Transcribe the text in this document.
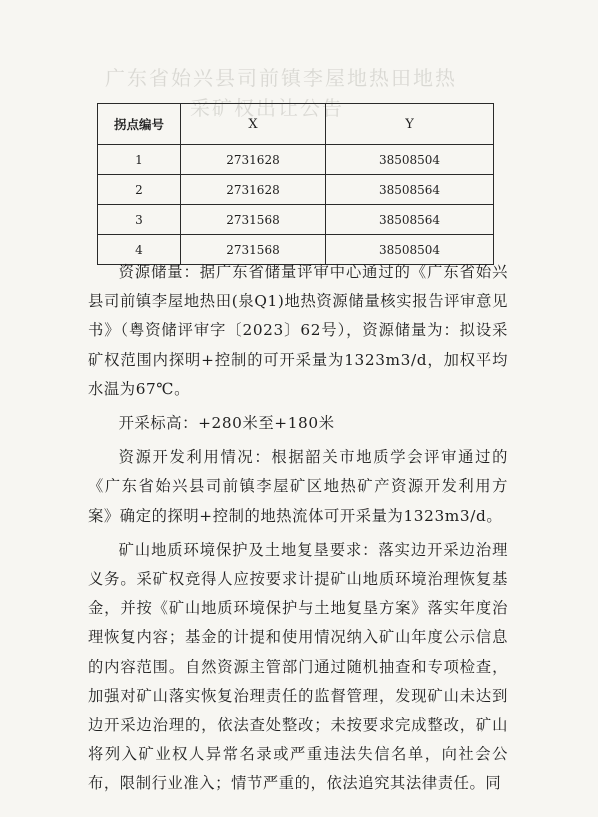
广东省始兴县司前镇李屋地热田地热
采矿权出让公告
拐点编号	X	Y
1	2731628	38508504
2	2731628	38508564
3	2731568	38508564
4	2731568	38508504

资源储量：据广东省储量评审中心通过的《广东省始兴县司前镇李屋地热田(泉Q1)地热资源储量核实报告评审意见书》（粤资储评审字〔2023〕62号），资源储量为：拟设采矿权范围内探明+控制的可开采量为1323m3/d，加权平均水温为67℃。

开采标高：+280米至+180米

资源开发利用情况：根据韶关市地质学会评审通过的《广东省始兴县司前镇李屋矿区地热矿产资源开发利用方案》确定的探明+控制的地热流体可开采量为1323m3/d。

矿山地质环境保护及土地复垦要求：落实边开采边治理义务。采矿权竞得人应按要求计提矿山地质环境治理恢复基金，并按《矿山地质环境保护与土地复垦方案》落实年度治理恢复内容；基金的计提和使用情况纳入矿山年度公示信息的内容范围。自然资源主管部门通过随机抽查和专项检查，加强对矿山落实恢复治理责任的监督管理，发现矿山未达到边开采边治理的，依法查处整改；未按要求完成整改，矿山将列入矿业权人异常名录或严重违法失信名单，向社会公布，限制行业准入；情节严重的，依法追究其法律责任。同
